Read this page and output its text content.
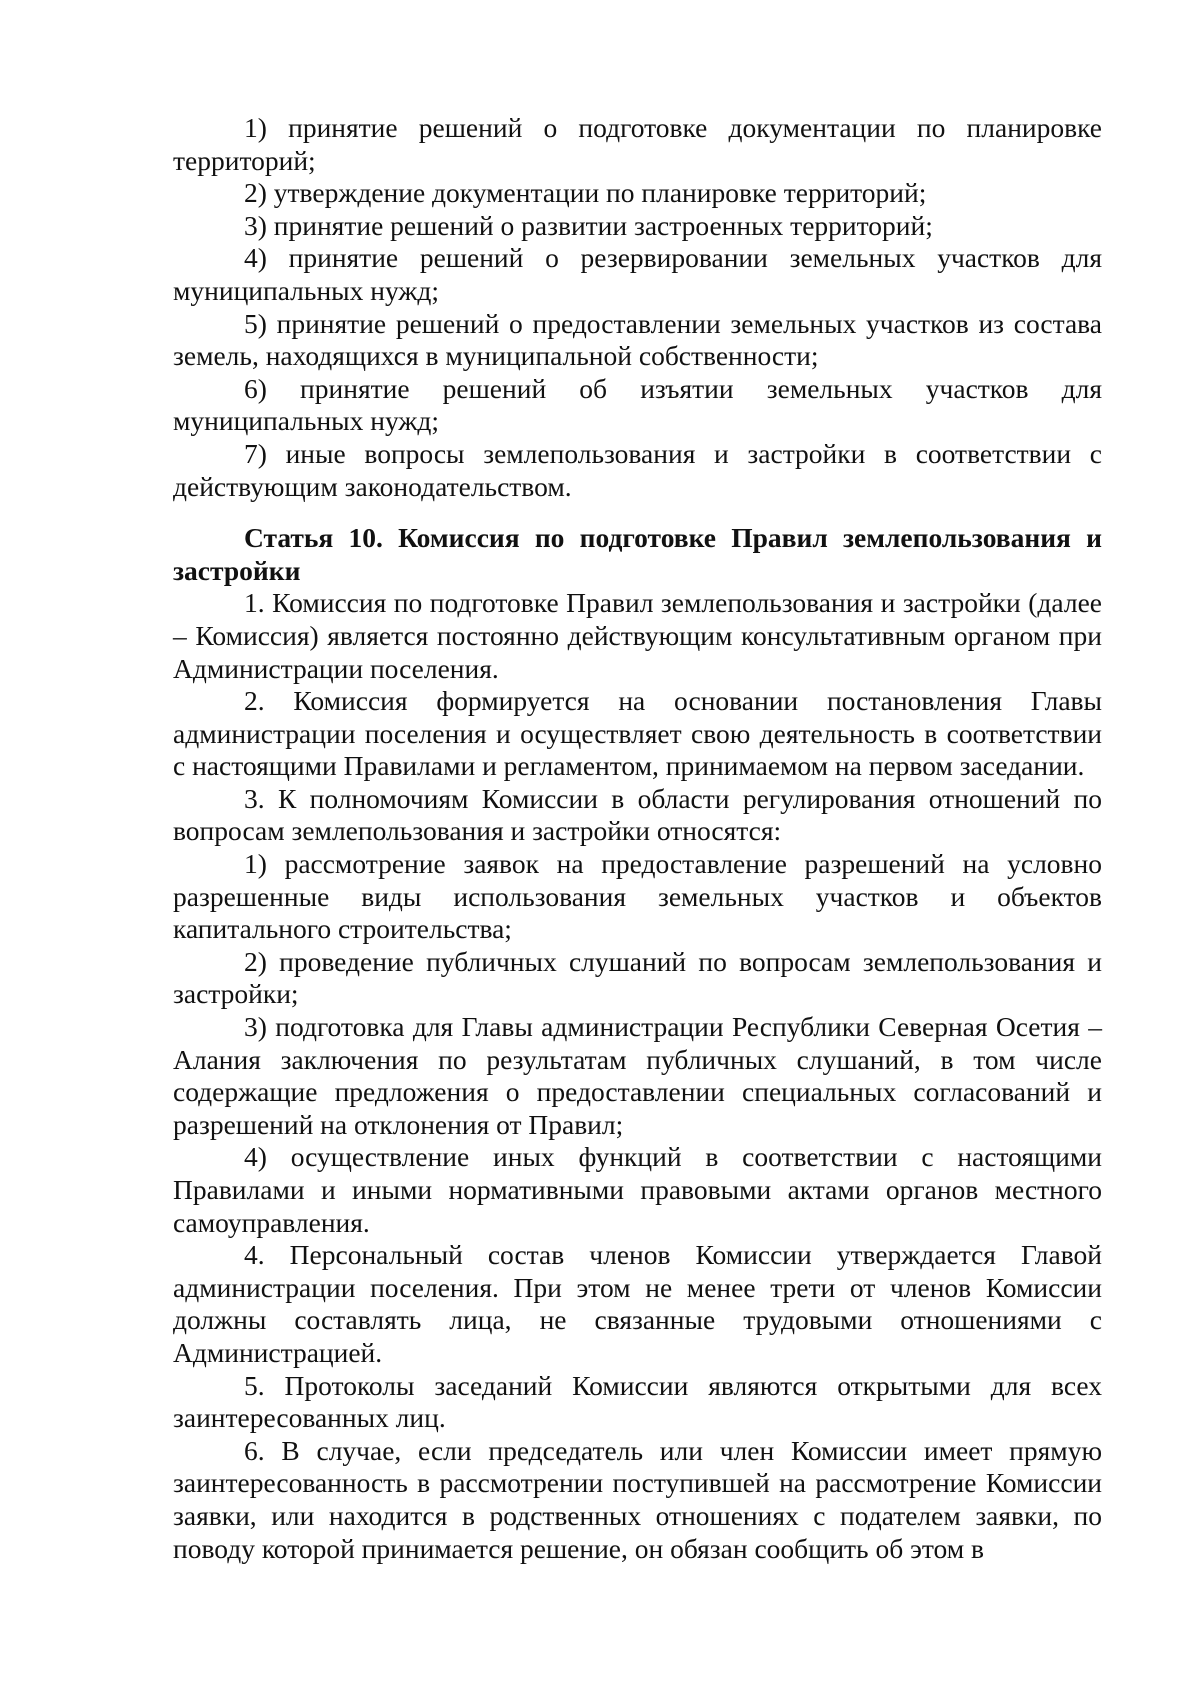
1) принятие решений о подготовке документации по планировке территорий;

2) утверждение документации по планировке территорий;

3) принятие решений о развитии застроенных территорий;

4) принятие решений о резервировании земельных участков для муниципальных нужд;

5) принятие решений о предоставлении земельных участков из состава земель, находящихся в муниципальной собственности;

6) принятие решений об изъятии земельных участков для муниципальных нужд;

7) иные вопросы землепользования и застройки в соответствии с действующим законодательством.

Статья 10. Комиссия по подготовке Правил землепользования и застройки

1. Комиссия по подготовке Правил землепользования и застройки (далее – Комиссия) является постоянно действующим консультативным органом при Администрации поселения.

2. Комиссия формируется на основании постановления Главы администрации поселения и осуществляет свою деятельность в соответствии с настоящими Правилами и регламентом, принимаемом на первом заседании.

3. К полномочиям Комиссии в области регулирования отношений по вопросам землепользования и застройки относятся:

1) рассмотрение заявок на предоставление разрешений на условно разрешенные виды использования земельных участков и объектов капитального строительства;

2) проведение публичных слушаний по вопросам землепользования и застройки;

3) подготовка для Главы администрации Республики Северная Осетия – Алания заключения по результатам публичных слушаний, в том числе содержащие предложения о предоставлении специальных согласований и разрешений на отклонения от Правил;

4) осуществление иных функций в соответствии с настоящими Правилами и иными нормативными правовыми актами органов местного самоуправления.

4. Персональный состав членов Комиссии утверждается Главой администрации поселения. При этом не менее трети от членов Комиссии должны составлять лица, не связанные трудовыми отношениями с Администрацией.

5. Протоколы заседаний Комиссии являются открытыми для всех заинтересованных лиц.

6. В случае, если председатель или член Комиссии имеет прямую заинтересованность в рассмотрении поступившей на рассмотрение Комиссии заявки, или находится в родственных отношениях с подателем заявки, по поводу которой принимается решение, он обязан сообщить об этом в
